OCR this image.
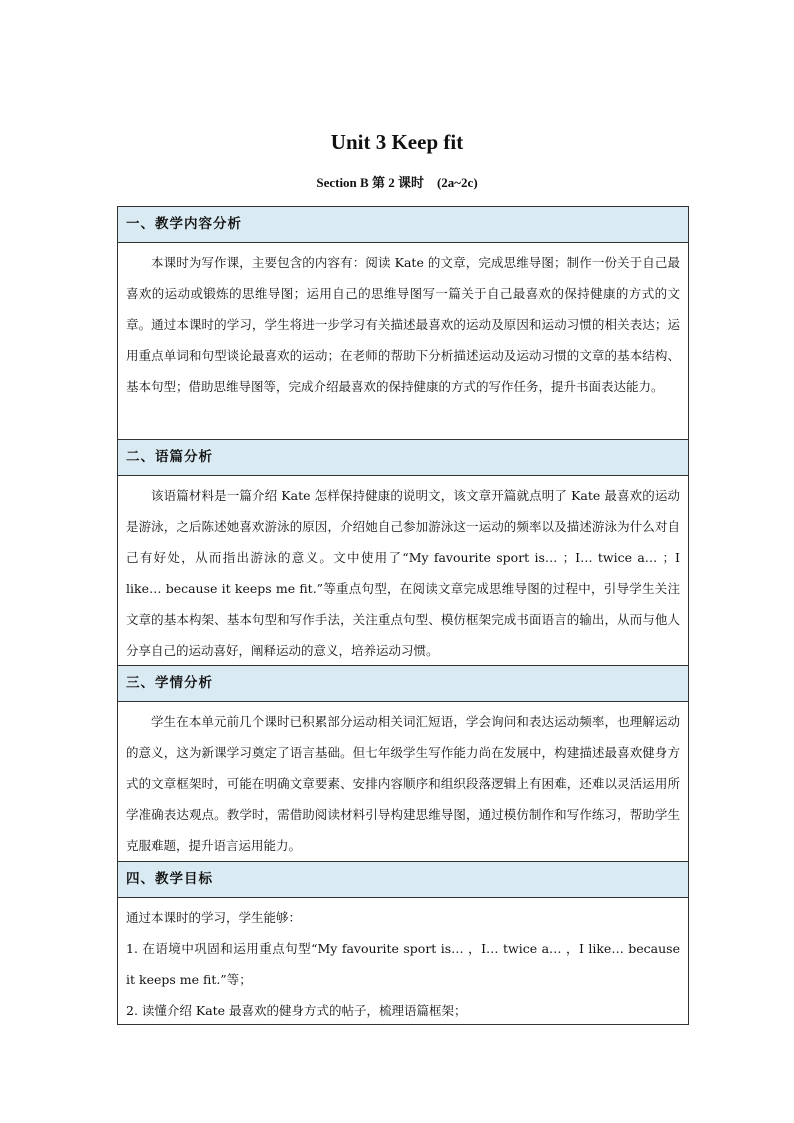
Unit 3 Keep fit
Section B 第 2 课时　(2a~2c)
一、教学内容分析
本课时为写作课，主要包含的内容有：阅读 Kate 的文章，完成思维导图；制作一份关于自己最喜欢的运动或锻炼的思维导图；运用自己的思维导图写一篇关于自己最喜欢的保持健康的方式的文章。通过本课时的学习，学生将进一步学习有关描述最喜欢的运动及原因和运动习惯的相关表达；运用重点单词和句型谈论最喜欢的运动；在老师的帮助下分析描述运动及运动习惯的文章的基本结构、基本句型；借助思维导图等，完成介绍最喜欢的保持健康的方式的写作任务，提升书面表达能力。
二、语篇分析
该语篇材料是一篇介绍 Kate 怎样保持健康的说明文，该文章开篇就点明了 Kate 最喜欢的运动是游泳，之后陈述她喜欢游泳的原因，介绍她自己参加游泳这一运动的频率以及描述游泳为什么对自己有好处，从而指出游泳的意义。文中使用了“My favourite sport is… ；I… twice a… ；I like… because it keeps me fit.”等重点句型，在阅读文章完成思维导图的过程中，引导学生关注文章的基本构架、基本句型和写作手法，关注重点句型、模仿框架完成书面语言的输出，从而与他人分享自己的运动喜好，阐释运动的意义，培养运动习惯。
三、学情分析
学生在本单元前几个课时已积累部分运动相关词汇短语，学会询问和表达运动频率，也理解运动的意义，这为新课学习奠定了语言基础。但七年级学生写作能力尚在发展中，构建描述最喜欢健身方式的文章框架时，可能在明确文章要素、安排内容顺序和组织段落逻辑上有困难，还难以灵活运用所学准确表达观点。教学时，需借助阅读材料引导构建思维导图，通过模仿制作和写作练习，帮助学生克服难题，提升语言运用能力。
四、教学目标

通过本课时的学习，学生能够：

1. 在语境中巩固和运用重点句型“My favourite sport is… ，I… twice a… ，I like… because it keeps me fit.”等；

2. 读懂介绍 Kate 最喜欢的健身方式的帖子，梳理语篇框架；
